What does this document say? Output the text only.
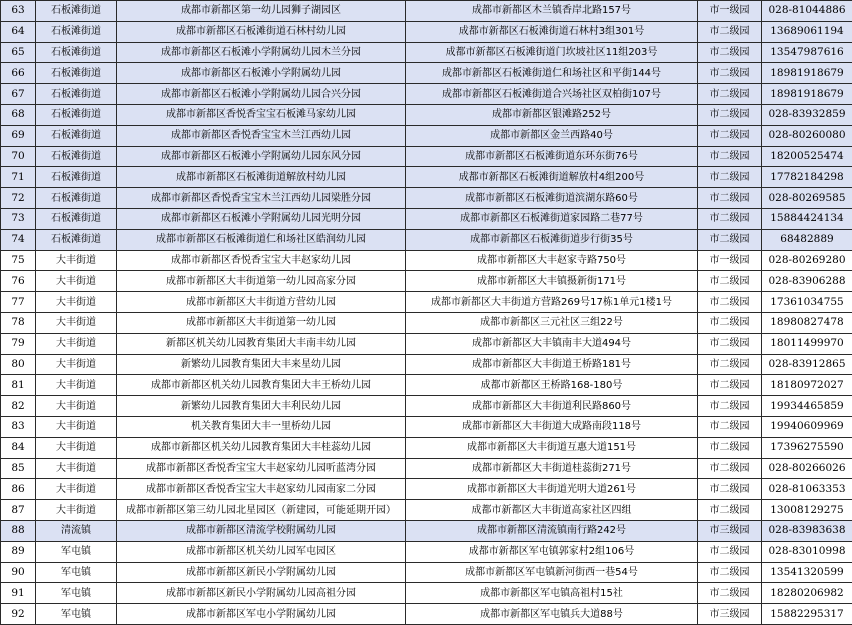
63	石板滩街道	成都市新都区第一幼儿园狮子湖园区	成都市新都区木兰镇香岸北路157号	市一级园	028-81044886
64	石板滩街道	成都市新都区石板滩街道石林村幼儿园	成都市新都区石板滩街道石林村3组301号	市二级园	13689061194
65	石板滩街道	成都市新都区石板滩小学附属幼儿园木兰分园	成都市新都区石板滩街道门坎坡社区11组203号	市二级园	13547987616
66	石板滩街道	成都市新都区石板滩小学附属幼儿园	成都市新都区石板滩街道仁和场社区和平街144号	市二级园	18981918679
67	石板滩街道	成都市新都区石板滩小学附属幼儿园合兴分园	成都市新都区石板滩街道合兴场社区双柏街107号	市二级园	18981918679
68	石板滩街道	成都市新都区香悦香宝宝石板滩马家幼儿园	成都市新都区银滩路252号	市二级园	028-83932859
69	石板滩街道	成都市新都区香悦香宝宝木兰江西幼儿园	成都市新都区金兰西路40号	市二级园	028-80260080
70	石板滩街道	成都市新都区石板滩小学附属幼儿园东风分园	成都市新都区石板滩街道东环东街76号	市二级园	18200525474
71	石板滩街道	成都市新都区石板滩街道解放村幼儿园	成都市新都区石板滩街道解放村4组200号	市二级园	17782184298
72	石板滩街道	成都市新都区香悦香宝宝木兰江西幼儿园梁胜分园	成都市新都区石板滩街道滨湖东路60号	市二级园	028-80269585
73	石板滩街道	成都市新都区石板滩小学附属幼儿园光明分园	成都市新都区石板滩街道家园路二巷77号	市二级园	15884424134
74	石板滩街道	成都市新都区石板滩街道仁和场社区皓润幼儿园	成都市新都区石板滩街道步行街35号	市二级园	68482889
75	大丰街道	成都市新都区香悦香宝宝大丰赵家幼儿园	成都市新都区大丰赵家寺路750号	市一级园	028-80269280
76	大丰街道	成都市新都区大丰街道第一幼儿园高家分园	成都市新都区大丰镇摄新街171号	市二级园	028-83906288
77	大丰街道	成都市新都区大丰街道方营幼儿园	成都市新都区大丰街道方营路269号17栋1单元1楼1号	市二级园	17361034755
78	大丰街道	成都市新都区大丰街道第一幼儿园	成都市新都区三元社区三组22号	市二级园	18980827478
79	大丰街道	新都区机关幼儿园教育集团大丰南丰幼儿园	成都市新都区大丰镇南丰大道494号	市二级园	18011499970
80	大丰街道	新繁幼儿园教育集团大丰来星幼儿园	成都市新都区大丰街道王桥路181号	市二级园	028-83912865
81	大丰街道	成都市新都区机关幼儿园教育集团大丰王桥幼儿园	成都市新都区王桥路168-180号	市二级园	18180972027
82	大丰街道	新繁幼儿园教育集团大丰利民幼儿园	成都市新都区大丰街道利民路860号	市二级园	19934465859
83	大丰街道	机关教育集团大丰一里桥幼儿园	成都市新都区大丰街道大成路南段118号	市二级园	19940609969
84	大丰街道	成都市新都区机关幼儿园教育集团大丰桂蕊幼儿园	成都市新都区大丰街道互惠大道151号	市二级园	17396275590
85	大丰街道	成都市新都区香悦香宝宝大丰赵家幼儿园听蓝湾分园	成都市新都区大丰街道桂蕊街271号	市二级园	028-80266026
86	大丰街道	成都市新都区香悦香宝宝大丰赵家幼儿园南家二分园	成都市新都区大丰街道光明大道261号	市二级园	028-81063353
87	大丰街道	成都市新都区第三幼儿园北星园区（新建园，可能延期开园）	成都市新都区大丰街道高家社区四组	市二级园	13008129275
88	清流镇	成都市新都区清流学校附属幼儿园	成都市新都区清流镇南行路242号	市三级园	028-83983638
89	军屯镇	成都市新都区机关幼儿园军屯园区	成都市新都区军屯镇郭家村2组106号	市二级园	028-83010998
90	军屯镇	成都市新都区新民小学附属幼儿园	成都市新都区军屯镇新河街西一巷54号	市二级园	13541320599
91	军屯镇	成都市新都区新民小学附属幼儿园高祖分园	成都市新都区军屯镇高祖村15社	市二级园	18280206982
92	军屯镇	成都市新都区军屯小学附属幼儿园	成都市新都区军屯镇兵大道88号	市三级园	15882295317
